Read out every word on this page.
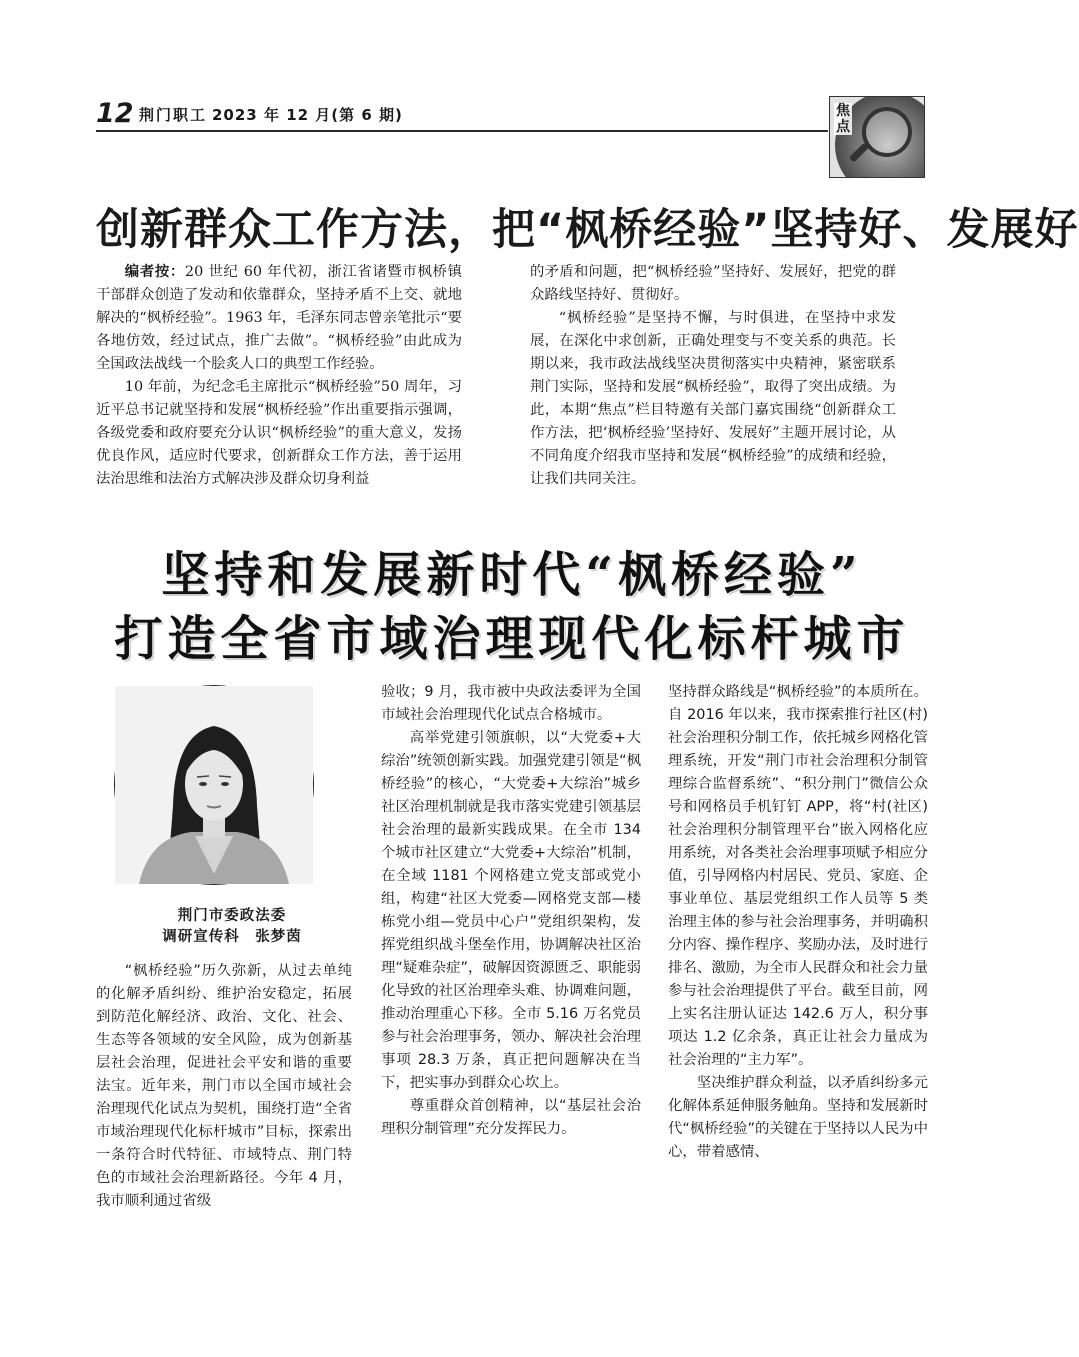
12 荆门职工 2023 年 12 月(第 6 期)	焦点
创新群众工作方法，把“枫桥经验”坚持好、发展好

编者按：20 世纪 60 年代初，浙江省诸暨市枫桥镇干部群众创造了发动和依靠群众，坚持矛盾不上交、就地解决的“枫桥经验”。1963 年，毛泽东同志曾亲笔批示“要各地仿效，经过试点，推广去做”。“枫桥经验”由此成为全国政法战线一个脍炙人口的典型工作经验。

10 年前，为纪念毛主席批示“枫桥经验”50 周年，习近平总书记就坚持和发展“枫桥经验”作出重要指示强调，各级党委和政府要充分认识“枫桥经验”的重大意义，发扬优良作风，适应时代要求，创新群众工作方法，善于运用法治思维和法治方式解决涉及群众切身利益

的矛盾和问题，把“枫桥经验”坚持好、发展好，把党的群众路线坚持好、贯彻好。

“枫桥经验”是坚持不懈，与时俱进，在坚持中求发展，在深化中求创新，正确处理变与不变关系的典范。长期以来，我市政法战线坚决贯彻落实中央精神，紧密联系荆门实际，坚持和发展“枫桥经验”，取得了突出成绩。为此，本期“焦点”栏目特邀有关部门嘉宾围绕“创新群众工作方法，把‘枫桥经验’坚持好、发展好”主题开展讨论，从不同角度介绍我市坚持和发展“枫桥经验”的成绩和经验，让我们共同关注。

坚持和发展新时代“枫桥经验”
打造全省市域治理现代化标杆城市
荆门市委政法委
调研宣传科　张梦茵

“枫桥经验”历久弥新，从过去单纯的化解矛盾纠纷、维护治安稳定，拓展到防范化解经济、政治、文化、社会、生态等各领域的安全风险，成为创新基层社会治理，促进社会平安和谐的重要法宝。近年来，荆门市以全国市域社会治理现代化试点为契机，围绕打造“全省市域治理现代化标杆城市”目标，探索出一条符合时代特征、市域特点、荆门特色的市域社会治理新路径。今年 4 月，我市顺利通过省级

验收；9 月，我市被中央政法委评为全国市域社会治理现代化试点合格城市。

高举党建引领旗帜，以“大党委+大综治”统领创新实践。加强党建引领是“枫桥经验”的核心，“大党委+大综治”城乡社区治理机制就是我市落实党建引领基层社会治理的最新实践成果。在全市 134 个城市社区建立“大党委+大综治”机制，在全域 1181 个网格建立党支部或党小组，构建“社区大党委—网格党支部—楼栋党小组—党员中心户”党组织架构，发挥党组织战斗堡垒作用，协调解决社区治理“疑难杂症”，破解因资源匮乏、职能弱化导致的社区治理牵头难、协调难问题，推动治理重心下移。全市 5.16 万名党员参与社会治理事务，领办、解决社会治理事项 28.3 万条，真正把问题解决在当下，把实事办到群众心坎上。

尊重群众首创精神，以“基层社会治理积分制管理”充分发挥民力。

坚持群众路线是“枫桥经验”的本质所在。自 2016 年以来，我市探索推行社区(村)社会治理积分制工作，依托城乡网格化管理系统，开发“荆门市社会治理积分制管理综合监督系统”、“积分荆门”微信公众号和网格员手机钉钉 APP，将“村(社区)社会治理积分制管理平台”嵌入网格化应用系统，对各类社会治理事项赋予相应分值，引导网格内村居民、党员、家庭、企事业单位、基层党组织工作人员等 5 类治理主体的参与社会治理事务，并明确积分内容、操作程序、奖励办法，及时进行排名、激励，为全市人民群众和社会力量参与社会治理提供了平台。截至目前，网上实名注册认证达 142.6 万人，积分事项达 1.2 亿余条，真正让社会力量成为社会治理的“主力军”。

坚决维护群众利益，以矛盾纠纷多元化解体系延伸服务触角。坚持和发展新时代“枫桥经验”的关键在于坚持以人民为中心，带着感情、
